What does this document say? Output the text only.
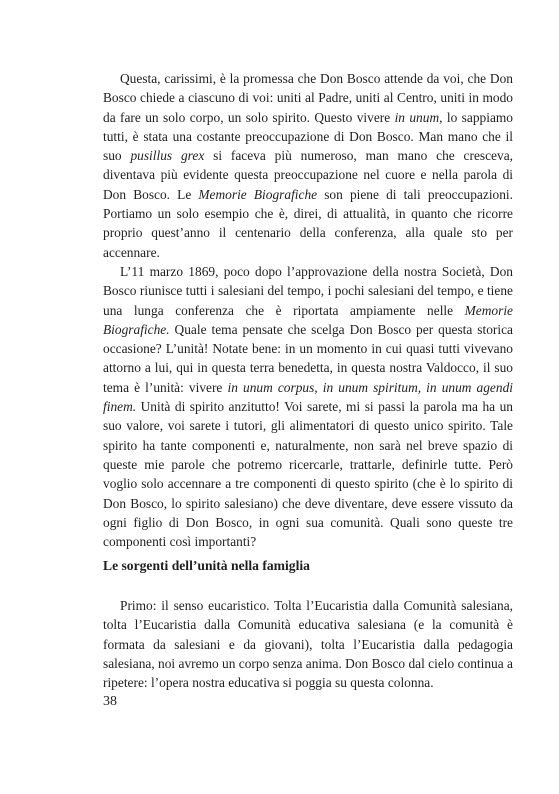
Questa, carissimi, è la promessa che Don Bosco attende da voi, che Don Bosco chiede a ciascuno di voi: uniti al Padre, uniti al Centro, uniti in modo da fare un solo corpo, un solo spirito. Questo vivere in unum, lo sappiamo tutti, è stata una costante preoccupazione di Don Bosco. Man mano che il suo pusillus grex si faceva più numeroso, man mano che cresceva, diventava più evidente questa preoccupazione nel cuore e nella parola di Don Bosco. Le Memorie Biografiche son piene di tali preoccupazioni. Portiamo un solo esempio che è, direi, di attualità, in quanto che ricorre proprio quest’anno il centenario della conferenza, alla quale sto per accennare.

L’11 marzo 1869, poco dopo l’approvazione della nostra Società, Don Bosco riunisce tutti i salesiani del tempo, i pochi salesiani del tempo, e tiene una lunga conferenza che è riportata ampiamente nelle Memorie Biografiche. Quale tema pensate che scelga Don Bosco per questa storica occasione? L’unità! Notate bene: in un momento in cui quasi tutti vivevano attorno a lui, qui in questa terra benedetta, in questa nostra Valdocco, il suo tema è l’unità: vivere in unum corpus, in unum spiritum, in unum agendi finem. Unità di spirito anzitutto! Voi sarete, mi si passi la parola ma ha un suo valore, voi sarete i tutori, gli alimentatori di questo unico spirito. Tale spirito ha tante componenti e, naturalmente, non sarà nel breve spazio di queste mie parole che potremo ricercarle, trattarle, definirle tutte. Però voglio solo accennare a tre componenti di questo spirito (che è lo spirito di Don Bosco, lo spirito salesiano) che deve diventare, deve essere vissuto da ogni figlio di Don Bosco, in ogni sua comunità. Quali sono queste tre componenti così importanti?

Le sorgenti dell’unità nella famiglia

Primo: il senso eucaristico. Tolta l’Eucaristia dalla Comunità salesiana, tolta l’Eucaristia dalla Comunità educativa salesiana (e la comunità è formata da salesiani e da giovani), tolta l’Eucaristia dalla pedagogia salesiana, noi avremo un corpo senza anima. Don Bosco dal cielo continua a ripetere: l’opera nostra educativa si poggia su questa colonna.

38
